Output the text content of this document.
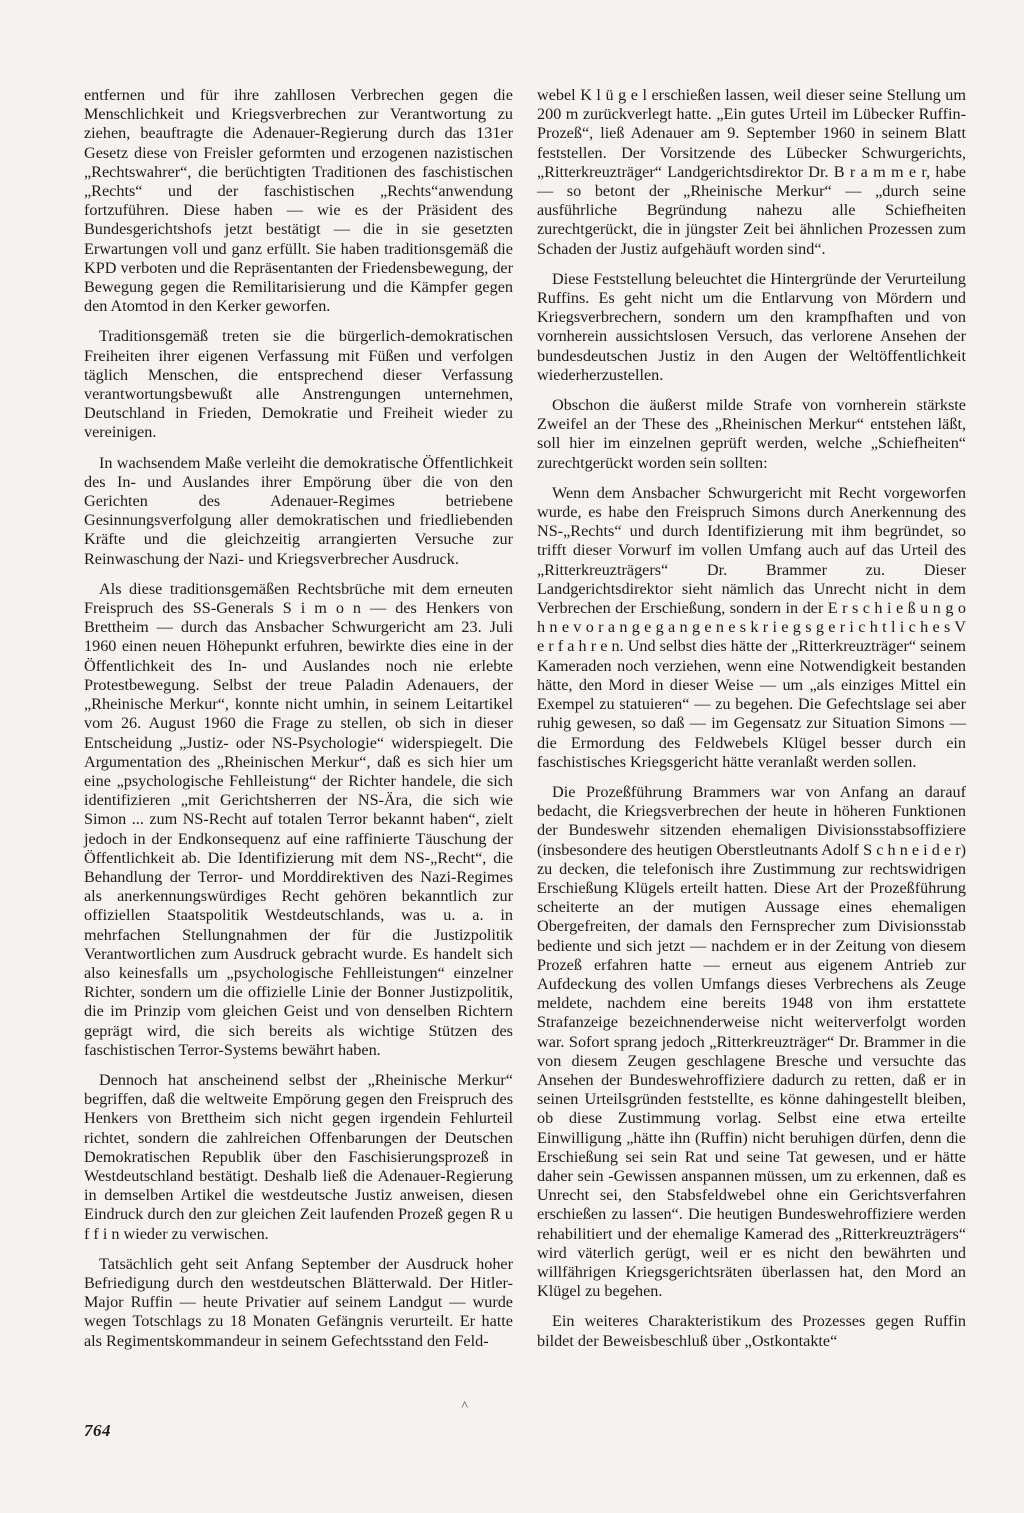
entfernen und für ihre zahllosen Verbrechen gegen die Menschlichkeit und Kriegsverbrechen zur Verantwortung zu ziehen, beauftragte die Adenauer-Regierung durch das 131er Gesetz diese von Freisler geformten und erzogenen nazistischen „Rechtswahrer“, die berüchtigten Traditionen des faschistischen „Rechts“ und der faschistischen „Rechts“anwendung fortzuführen. Diese haben — wie es der Präsident des Bundesgerichtshofs jetzt bestätigt — die in sie gesetzten Erwartungen voll und ganz erfüllt. Sie haben traditionsgemäß die KPD verboten und die Repräsentanten der Friedensbewegung, der Bewegung gegen die Remilitarisierung und die Kämpfer gegen den Atomtod in den Kerker geworfen.

Traditionsgemäß treten sie die bürgerlich-demokratischen Freiheiten ihrer eigenen Verfassung mit Füßen und verfolgen täglich Menschen, die entsprechend dieser Verfassung verantwortungsbewußt alle Anstrengungen unternehmen, Deutschland in Frieden, Demokratie und Freiheit wieder zu vereinigen.

In wachsendem Maße verleiht die demokratische Öffentlichkeit des In- und Auslandes ihrer Empörung über die von den Gerichten des Adenauer-Regimes betriebene Gesinnungsverfolgung aller demokratischen und friedliebenden Kräfte und die gleichzeitig arrangierten Versuche zur Reinwaschung der Nazi- und Kriegsverbrecher Ausdruck.

Als diese traditionsgemäßen Rechtsbrüche mit dem erneuten Freispruch des SS-Generals S i m o n — des Henkers von Brettheim — durch das Ansbacher Schwurgericht am 23. Juli 1960 einen neuen Höhepunkt erfuhren, bewirkte dies eine in der Öffentlichkeit des In- und Auslandes noch nie erlebte Protestbewegung. Selbst der treue Paladin Adenauers, der „Rheinische Merkur“, konnte nicht umhin, in seinem Leitartikel vom 26. August 1960 die Frage zu stellen, ob sich in dieser Entscheidung „Justiz- oder NS-Psychologie“ widerspiegelt. Die Argumentation des „Rheinischen Merkur“, daß es sich hier um eine „psychologische Fehlleistung“ der Richter handele, die sich identifizieren „mit Gerichtsherren der NS-Ära, die sich wie Simon ... zum NS-Recht auf totalen Terror bekannt haben“, zielt jedoch in der Endkonsequenz auf eine raffinierte Täuschung der Öffentlichkeit ab. Die Identifizierung mit dem NS-„Recht“, die Behandlung der Terror- und Morddirektiven des Nazi-Regimes als anerkennungswürdiges Recht gehören bekanntlich zur offiziellen Staatspolitik Westdeutschlands, was u. a. in mehrfachen Stellungnahmen der für die Justizpolitik Verantwortlichen zum Ausdruck gebracht wurde. Es handelt sich also keinesfalls um „psychologische Fehlleistungen“ einzelner Richter, sondern um die offizielle Linie der Bonner Justizpolitik, die im Prinzip vom gleichen Geist und von denselben Richtern geprägt wird, die sich bereits als wichtige Stützen des faschistischen Terror-Systems bewährt haben.

Dennoch hat anscheinend selbst der „Rheinische Merkur“ begriffen, daß die weltweite Empörung gegen den Freispruch des Henkers von Brettheim sich nicht gegen irgendein Fehlurteil richtet, sondern die zahlreichen Offenbarungen der Deutschen Demokratischen Republik über den Faschisierungsprozeß in Westdeutschland bestätigt. Deshalb ließ die Adenauer-Regierung in demselben Artikel die westdeutsche Justiz anweisen, diesen Eindruck durch den zur gleichen Zeit laufenden Prozeß gegen R u f f i n wieder zu verwischen.

Tatsächlich geht seit Anfang September der Ausdruck hoher Befriedigung durch den westdeutschen Blätterwald. Der Hitler-Major Ruffin — heute Privatier auf seinem Landgut — wurde wegen Totschlags zu 18 Monaten Gefängnis verurteilt. Er hatte als Regimentskommandeur in seinem Gefechtsstand den Feld-

webel K l ü g e l erschießen lassen, weil dieser seine Stellung um 200 m zurückverlegt hatte. „Ein gutes Urteil im Lübecker Ruffin-Prozeß“, ließ Adenauer am 9. September 1960 in seinem Blatt feststellen. Der Vorsitzende des Lübecker Schwurgerichts, „Ritterkreuzträger“ Landgerichtsdirektor Dr. B r a m m e r, habe — so betont der „Rheinische Merkur“ — „durch seine ausführliche Begründung nahezu alle Schiefheiten zurechtgerückt, die in jüngster Zeit bei ähnlichen Prozessen zum Schaden der Justiz aufgehäuft worden sind“.

Diese Feststellung beleuchtet die Hintergründe der Verurteilung Ruffins. Es geht nicht um die Entlarvung von Mördern und Kriegsverbrechern, sondern um den krampfhaften und von vornherein aussichtslosen Versuch, das verlorene Ansehen der bundesdeutschen Justiz in den Augen der Weltöffentlichkeit wiederherzustellen.

Obschon die äußerst milde Strafe von vornherein stärkste Zweifel an der These des „Rheinischen Merkur“ entstehen läßt, soll hier im einzelnen geprüft werden, welche „Schiefheiten“ zurechtgerückt worden sein sollten:

Wenn dem Ansbacher Schwurgericht mit Recht vorgeworfen wurde, es habe den Freispruch Simons durch Anerkennung des NS-„Rechts“ und durch Identifizierung mit ihm begründet, so trifft dieser Vorwurf im vollen Umfang auch auf das Urteil des „Ritterkreuzträgers“ Dr. Brammer zu. Dieser Landgerichtsdirektor sieht nämlich das Unrecht nicht in dem Verbrechen der Erschießung, sondern in der E r s c h i e ß u n g o h n e v o r a n g e g a n g e n e s k r i e g s g e r i c h t l i c h e s V e r f a h r e n. Und selbst dies hätte der „Ritterkreuzträger“ seinem Kameraden noch verziehen, wenn eine Notwendigkeit bestanden hätte, den Mord in dieser Weise — um „als einziges Mittel ein Exempel zu statuieren“ — zu begehen. Die Gefechtslage sei aber ruhig gewesen, so daß — im Gegensatz zur Situation Simons — die Ermordung des Feldwebels Klügel besser durch ein faschistisches Kriegsgericht hätte veranlaßt werden sollen.

Die Prozeßführung Brammers war von Anfang an darauf bedacht, die Kriegsverbrechen der heute in höheren Funktionen der Bundeswehr sitzenden ehemaligen Divisionsstabsoffiziere (insbesondere des heutigen Oberstleutnants Adolf S c h n e i d e r) zu decken, die telefonisch ihre Zustimmung zur rechtswidrigen Erschießung Klügels erteilt hatten. Diese Art der Prozeßführung scheiterte an der mutigen Aussage eines ehemaligen Obergefreiten, der damals den Fernsprecher zum Divisionsstab bediente und sich jetzt — nachdem er in der Zeitung von diesem Prozeß erfahren hatte — erneut aus eigenem Antrieb zur Aufdeckung des vollen Umfangs dieses Verbrechens als Zeuge meldete, nachdem eine bereits 1948 von ihm erstattete Strafanzeige bezeichnenderweise nicht weiterverfolgt worden war. Sofort sprang jedoch „Ritterkreuzträger“ Dr. Brammer in die von diesem Zeugen geschlagene Bresche und versuchte das Ansehen der Bundeswehroffiziere dadurch zu retten, daß er in seinen Urteilsgründen feststellte, es könne dahingestellt bleiben, ob diese Zustimmung vorlag. Selbst eine etwa erteilte Einwilligung „hätte ihn (Ruffin) nicht beruhigen dürfen, denn die Erschießung sei sein Rat und seine Tat gewesen, und er hätte daher sein -Gewissen anspannen müssen, um zu erkennen, daß es Unrecht sei, den Stabsfeldwebel ohne ein Gerichtsverfahren erschießen zu lassen“. Die heutigen Bundeswehroffiziere werden rehabilitiert und der ehemalige Kamerad des „Ritterkreuzträgers“ wird väterlich gerügt, weil er es nicht den bewährten und willfährigen Kriegsgerichtsräten überlassen hat, den Mord an Klügel zu begehen.

Ein weiteres Charakteristikum des Prozesses gegen Ruffin bildet der Beweisbeschluß über „Ostkontakte“

˄
764
